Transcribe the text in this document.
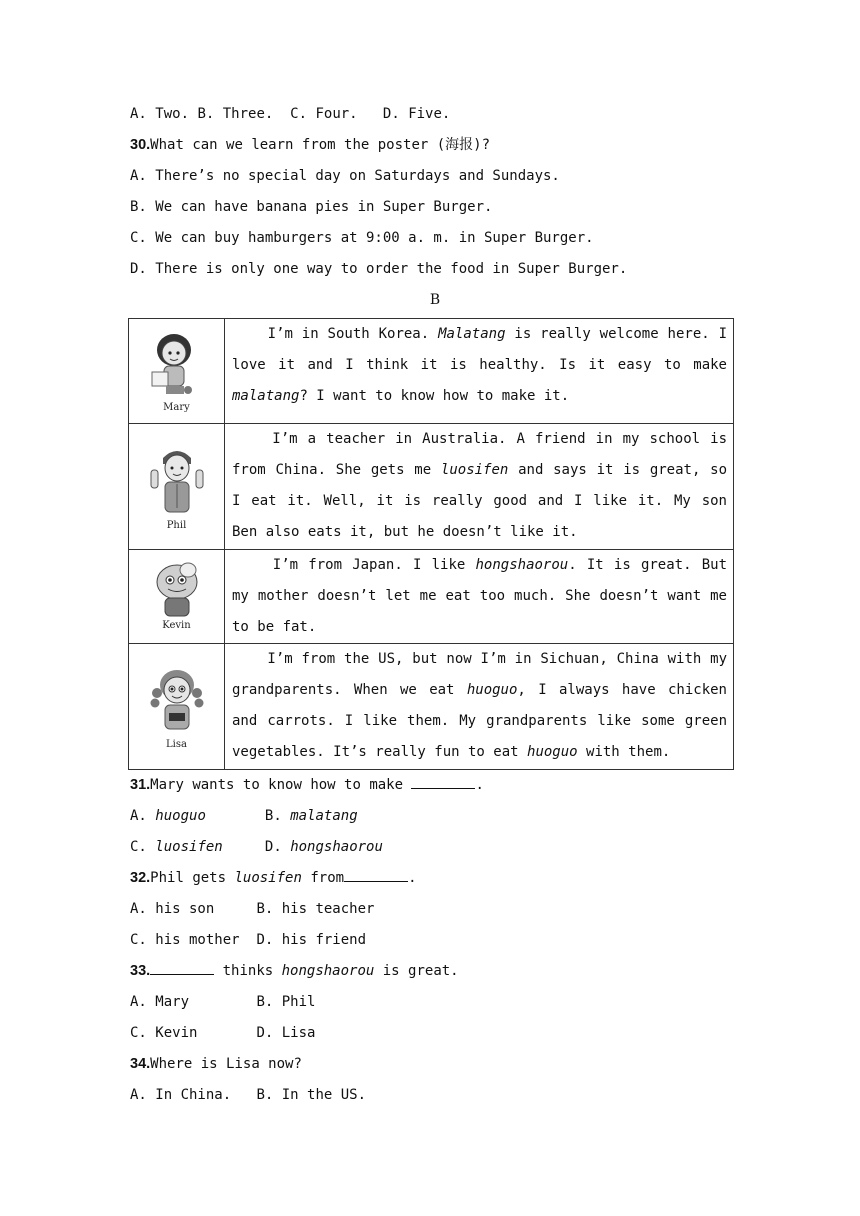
A. Two. B. Three. C. Four. D. Five.
30.What can we learn from the poster (海报)?
A. There’s no special day on Saturdays and Sundays.
B. We can have banana pies in Super Burger.
C. We can buy hamburgers at 9:00 a. m. in Super Burger.
D. There is only one way to order the food in Super Burger.
B
Mary	I’m in South Korea. Malatang is really welcome here. I love it and I think it is healthy. Is it easy to make malatang? I want to know how to make it.

Phil	I’m a teacher in Australia. A friend in my school is from China. She gets me luosifen and says it is great, so I eat it. Well, it is really good and I like it. My son Ben also eats it, but he doesn’t like it.

Kevin	I’m from Japan. I like hongshaorou. It is great. But my mother doesn’t let me eat too much. She doesn’t want me to be fat.

Lisa	I’m from the US, but now I’m in Sichuan, China with my grandparents. When we eat huoguo, I always have chicken and carrots. I like them. My grandparents like some green vegetables. It’s really fun to eat huoguo with them.
31.Mary wants to know how to make	.
A. huoguo	B. malatang
C. luosifen	D. hongshaorou
32.Phil gets luosifen from	.
A. his son	B. his teacher
C. his mother D. his friend
33.	thinks hongshaorou is great.
A. Mary	B. Phil
C. Kevin	D. Lisa
34.Where is Lisa now?
A. In China. B. In the US.
